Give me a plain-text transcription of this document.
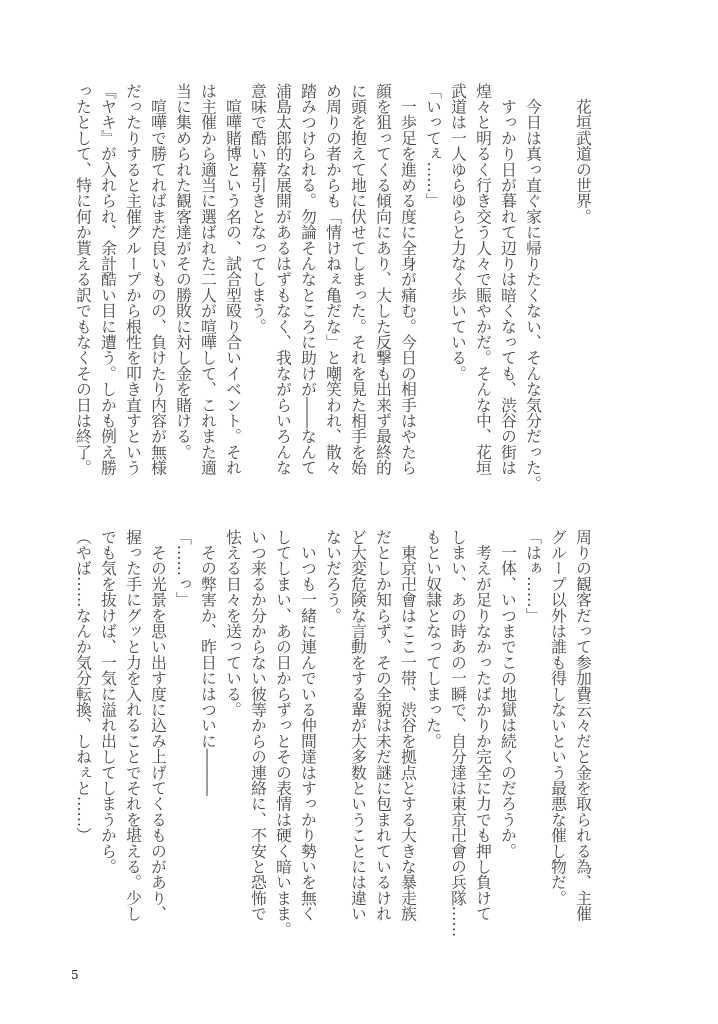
　花垣武道の世界。
　今日は真っ直ぐ家に帰りたくない、そんな気分だった。
　すっかり日が暮れて辺りは暗くなっても、渋谷の街は
煌々と明るく行き交う人々で賑やかだ。そんな中、花垣
武道は一人ゆらゆらと力なく歩いている。
「いってぇ……」
　一歩足を進める度に全身が痛む。今日の相手はやたら
顔を狙ってくる傾向にあり、大した反撃も出来ず最終的
に頭を抱えて地に伏せてしまった。それを見た相手を始
め周りの者からも「情けねぇ亀だな」と嘲笑われ、散々
踏みつけられる。勿論そんなところに助けが――なんて
浦島太郎的な展開があるはずもなく、我ながらいろんな
意味で酷い幕引きとなってしまう。
　喧嘩賭博という名の、試合型殴り合いイベント。それ
は主催から適当に選ばれた二人が喧嘩して、これまた適
当に集められた観客達がその勝敗に対し金を賭ける。
　喧嘩で勝てればまだ良いものの、負けたり内容が無様
だったりすると主催グループから根性を叩き直すという
『ヤキ』が入れられ、余計酷い目に遭う。しかも例え勝
ったとして、特に何か貰える訳でもなくその日は終了。
周りの観客だって参加費云々だと金を取られる為、主催
グループ以外は誰も得しないという最悪な催し物だ。
「はぁ……」
　一体、いつまでこの地獄は続くのだろうか。
　考えが足りなかったばかりか完全に力でも押し負けて
しまい、あの時あの一瞬で、自分達は東京卍會の兵隊……
もとい奴隷となってしまった。
　東京卍會はここ一帯、渋谷を拠点とする大きな暴走族
だとしか知らず、その全貌は未だ謎に包まれているけれ
ど大変危険な言動をする輩が大多数ということには違い
ないだろう。
　いつも一緒に連んでいる仲間達はすっかり勢いを無く
してしまい、あの日からずっとその表情は硬く暗いまま。
いつ来るか分からない彼等からの連絡に、不安と恐怖で
怯える日々を送っている。
　その弊害か、昨日にはついに―――
「……っ」
　その光景を思い出す度に込み上げてくるものがあり、
握った手にグッと力を入れることでそれを堪える。少し
でも気を抜けば、一気に溢れ出してしまうから。
（やば……なんか気分転換、しねぇと……）
5
